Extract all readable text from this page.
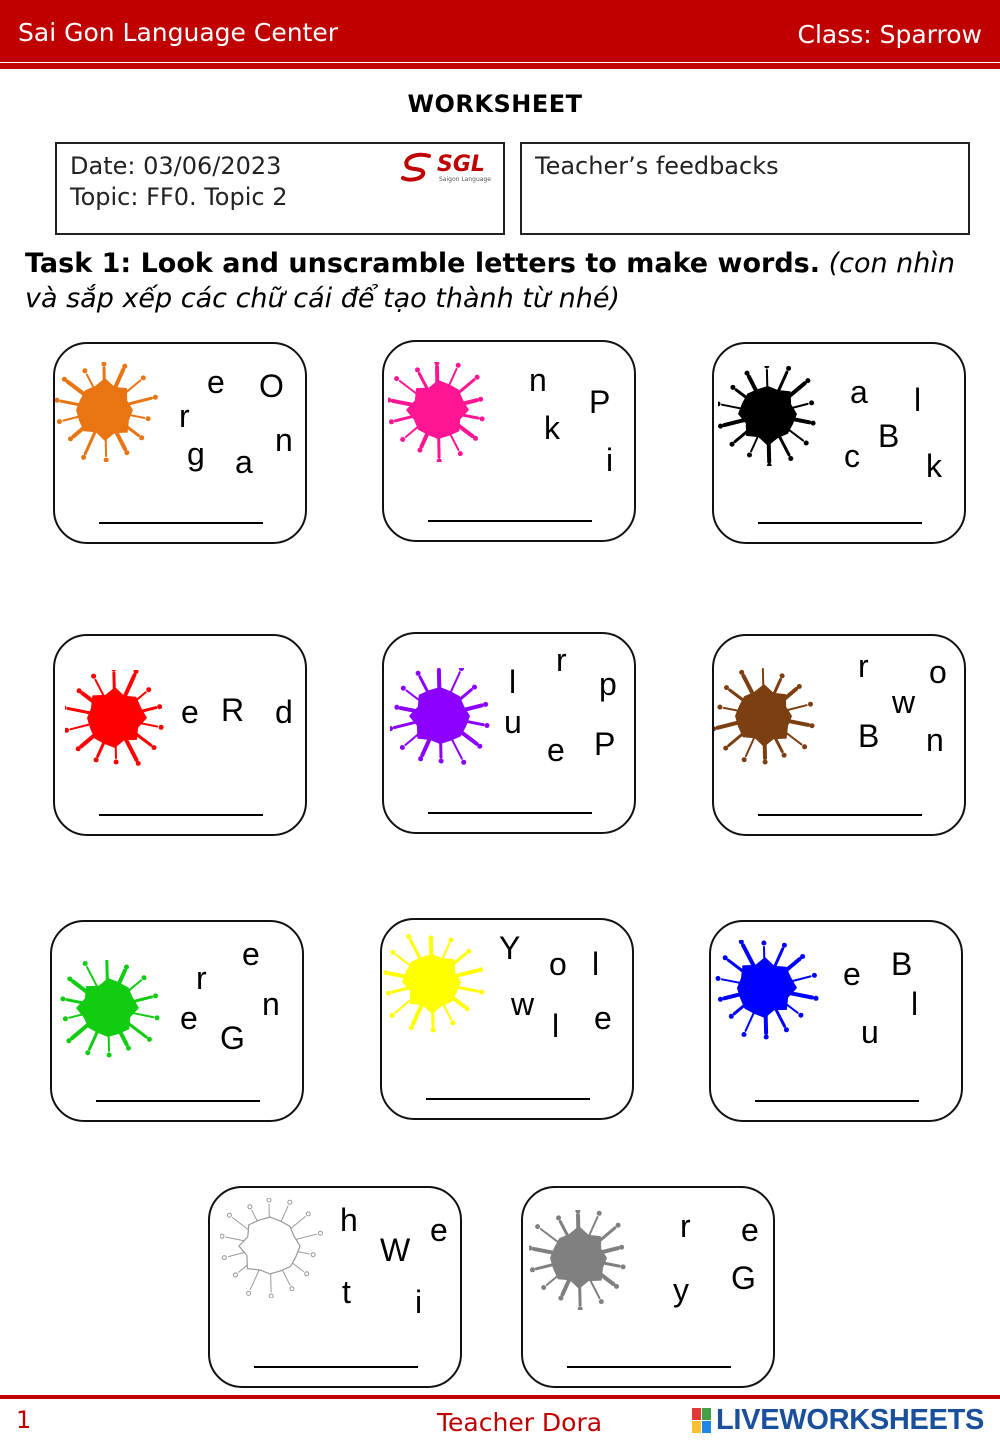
Sai Gon Language Center	Class: Sparrow
WORKSHEET
Date: 03/06/2023
Topic: FF0. Topic 2
SGL
Saigon Language Teacher’s feedbacks
Task 1: Look and unscramble letters to make words. (con nhìn và sắp xếp các chữ cái để tạo thành từ nhé)
e O
r
n
g a
n
P
k
i
a l
B
c k
e R d
r
l	p
u
e P
r o
w
B n
e
r
n
e
G
Y o l
w
l e
e B
l
u
h e
W
t i
r e
G
y
1	Teacher Dora	LIVEWORKSHEETS
